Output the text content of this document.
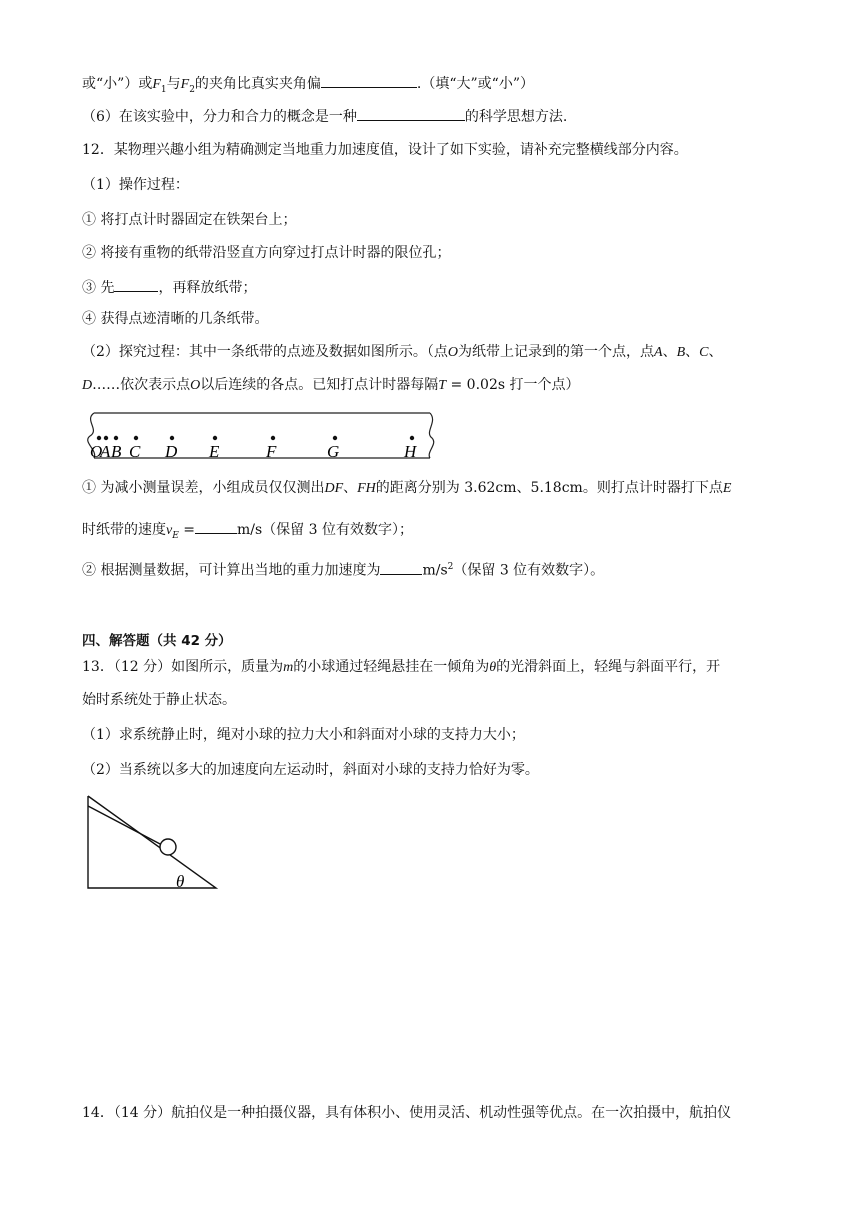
或“小”）或$F_1$与$F_2$的夹角比真实夹角偏	.（填“大”或“小”）
（6）在该实验中，分力和合力的概念是一种	的科学思想方法.
12．某物理兴趣小组为精确测定当地重力加速度值，设计了如下实验，请补充完整横线部分内容。
（1）操作过程：
① 将打点计时器固定在铁架台上；
② 将接有重物的纸带沿竖直方向穿过打点计时器的限位孔；
③ 先	，再释放纸带；
④ 获得点迹清晰的几条纸带。
（2）探究过程：其中一条纸带的点迹及数据如图所示。（点O为纸带上记录到的第一个点，点A、B、C、
D……依次表示点O以后连续的各点。已知打点计时器每隔T = 0.02s 打一个点）
O
A B C D E	F	G	H
① 为减小测量误差，小组成员仅仅测出DF、FH的距离分别为 3.62cm、5.18cm。则打点计时器打下点E
时纸带的速度$v_E$ =	m/s（保留 3 位有效数字）；
② 根据测量数据，可计算出当地的重力加速度为	$m/s^2$（保留 3 位有效数字）。
四、解答题（共 42 分）
13．（12 分）如图所示，质量为m的小球通过轻绳悬挂在一倾角为θ的光滑斜面上，轻绳与斜面平行，开
始时系统处于静止状态。
（1）求系统静止时，绳对小球的拉力大小和斜面对小球的支持力大小；
（2）当系统以多大的加速度向左运动时，斜面对小球的支持力恰好为零。
θ
14．（14 分）航拍仪是一种拍摄仪器，具有体积小、使用灵活、机动性强等优点。在一次拍摄中，航拍仪
